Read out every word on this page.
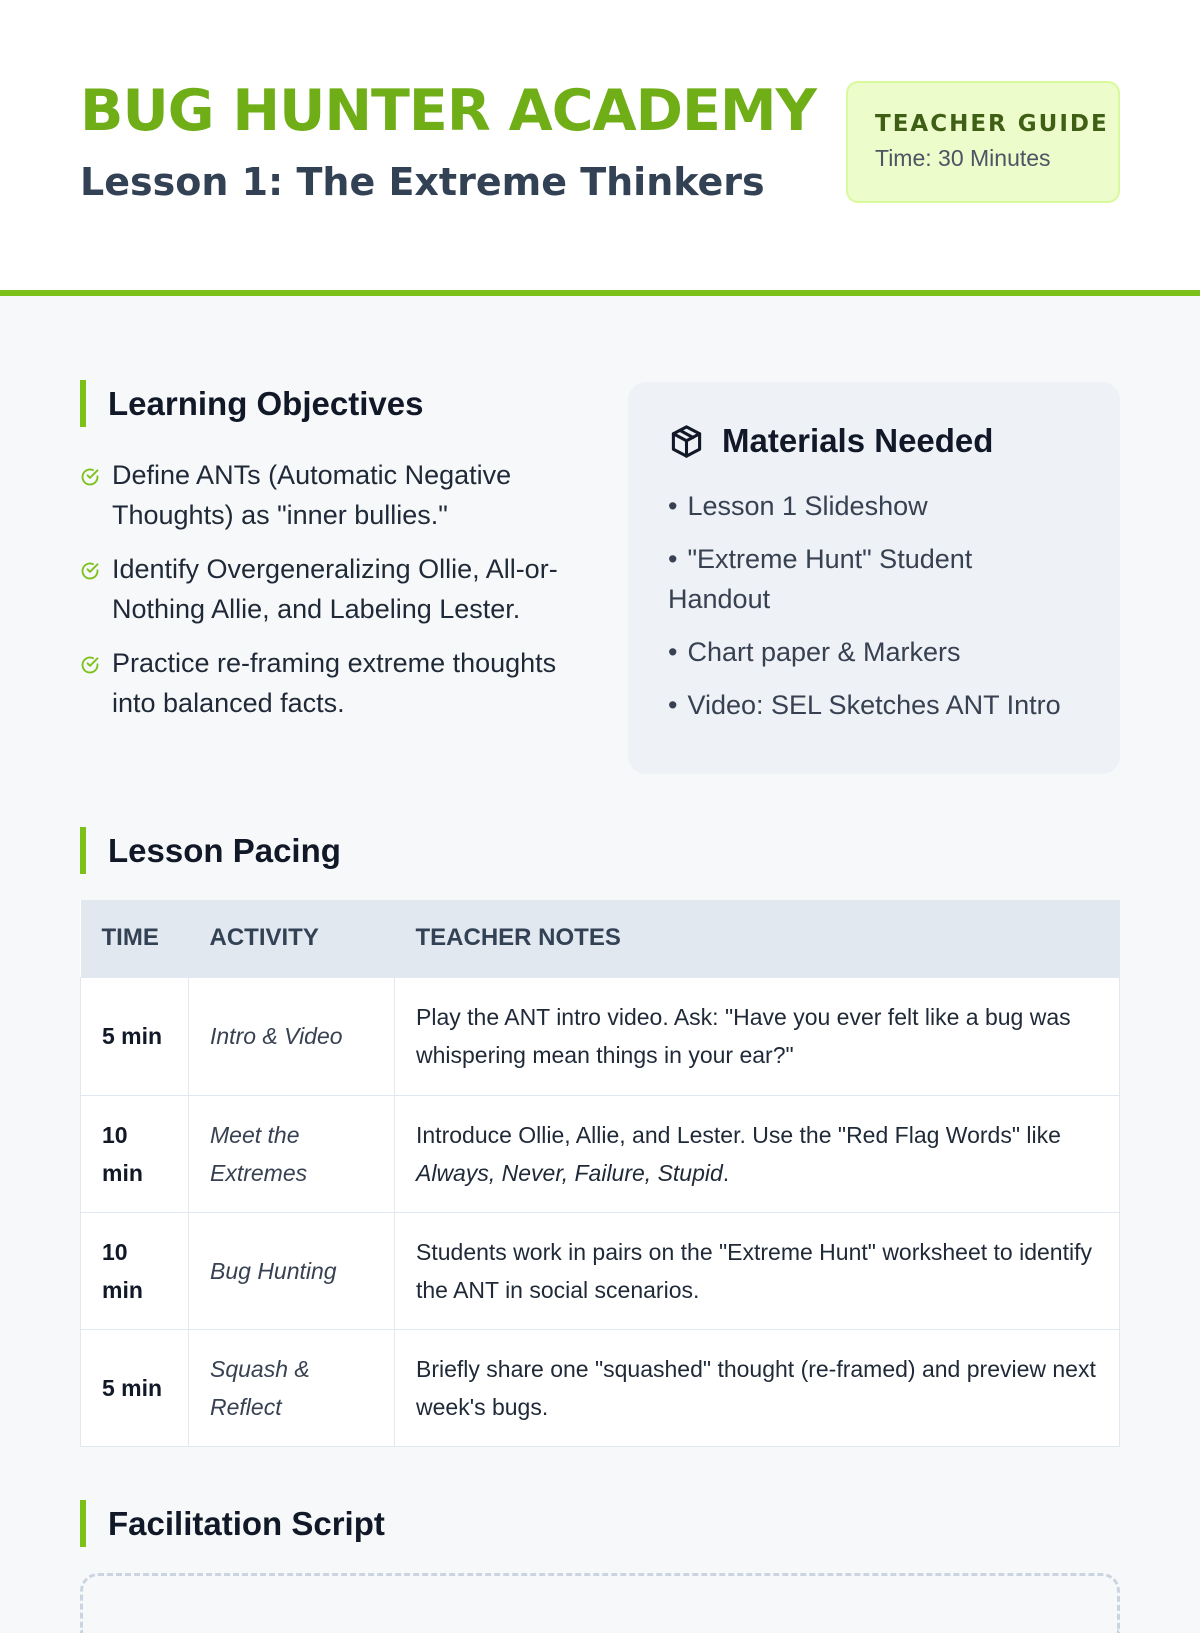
BUG HUNTER ACADEMY
Lesson 1: The Extreme Thinkers
TEACHER GUIDE
Time: 30 Minutes
Learning Objectives
Define ANTs (Automatic Negative Thoughts) as "inner bullies."
Identify Overgeneralizing Ollie, All-or-Nothing Allie, and Labeling Lester.
Practice re-framing extreme thoughts into balanced facts.
Materials Needed
• Lesson 1 Slideshow
• "Extreme Hunt" Student Handout
• Chart paper & Markers
• Video: SEL Sketches ANT Intro
Lesson Pacing
TIME	ACTIVITY	TEACHER NOTES
5 min	Intro & Video	Play the ANT intro video. Ask: "Have you ever felt like a bug was whispering mean things in your ear?"
10 min	Meet the Extremes	Introduce Ollie, Allie, and Lester. Use the "Red Flag Words" like Always, Never, Failure, Stupid.
10 min	Bug Hunting	Students work in pairs on the "Extreme Hunt" worksheet to identify the ANT in social scenarios.
5 min	Squash & Reflect	Briefly share one "squashed" thought (re-framed) and preview next week's bugs.
Facilitation Script
